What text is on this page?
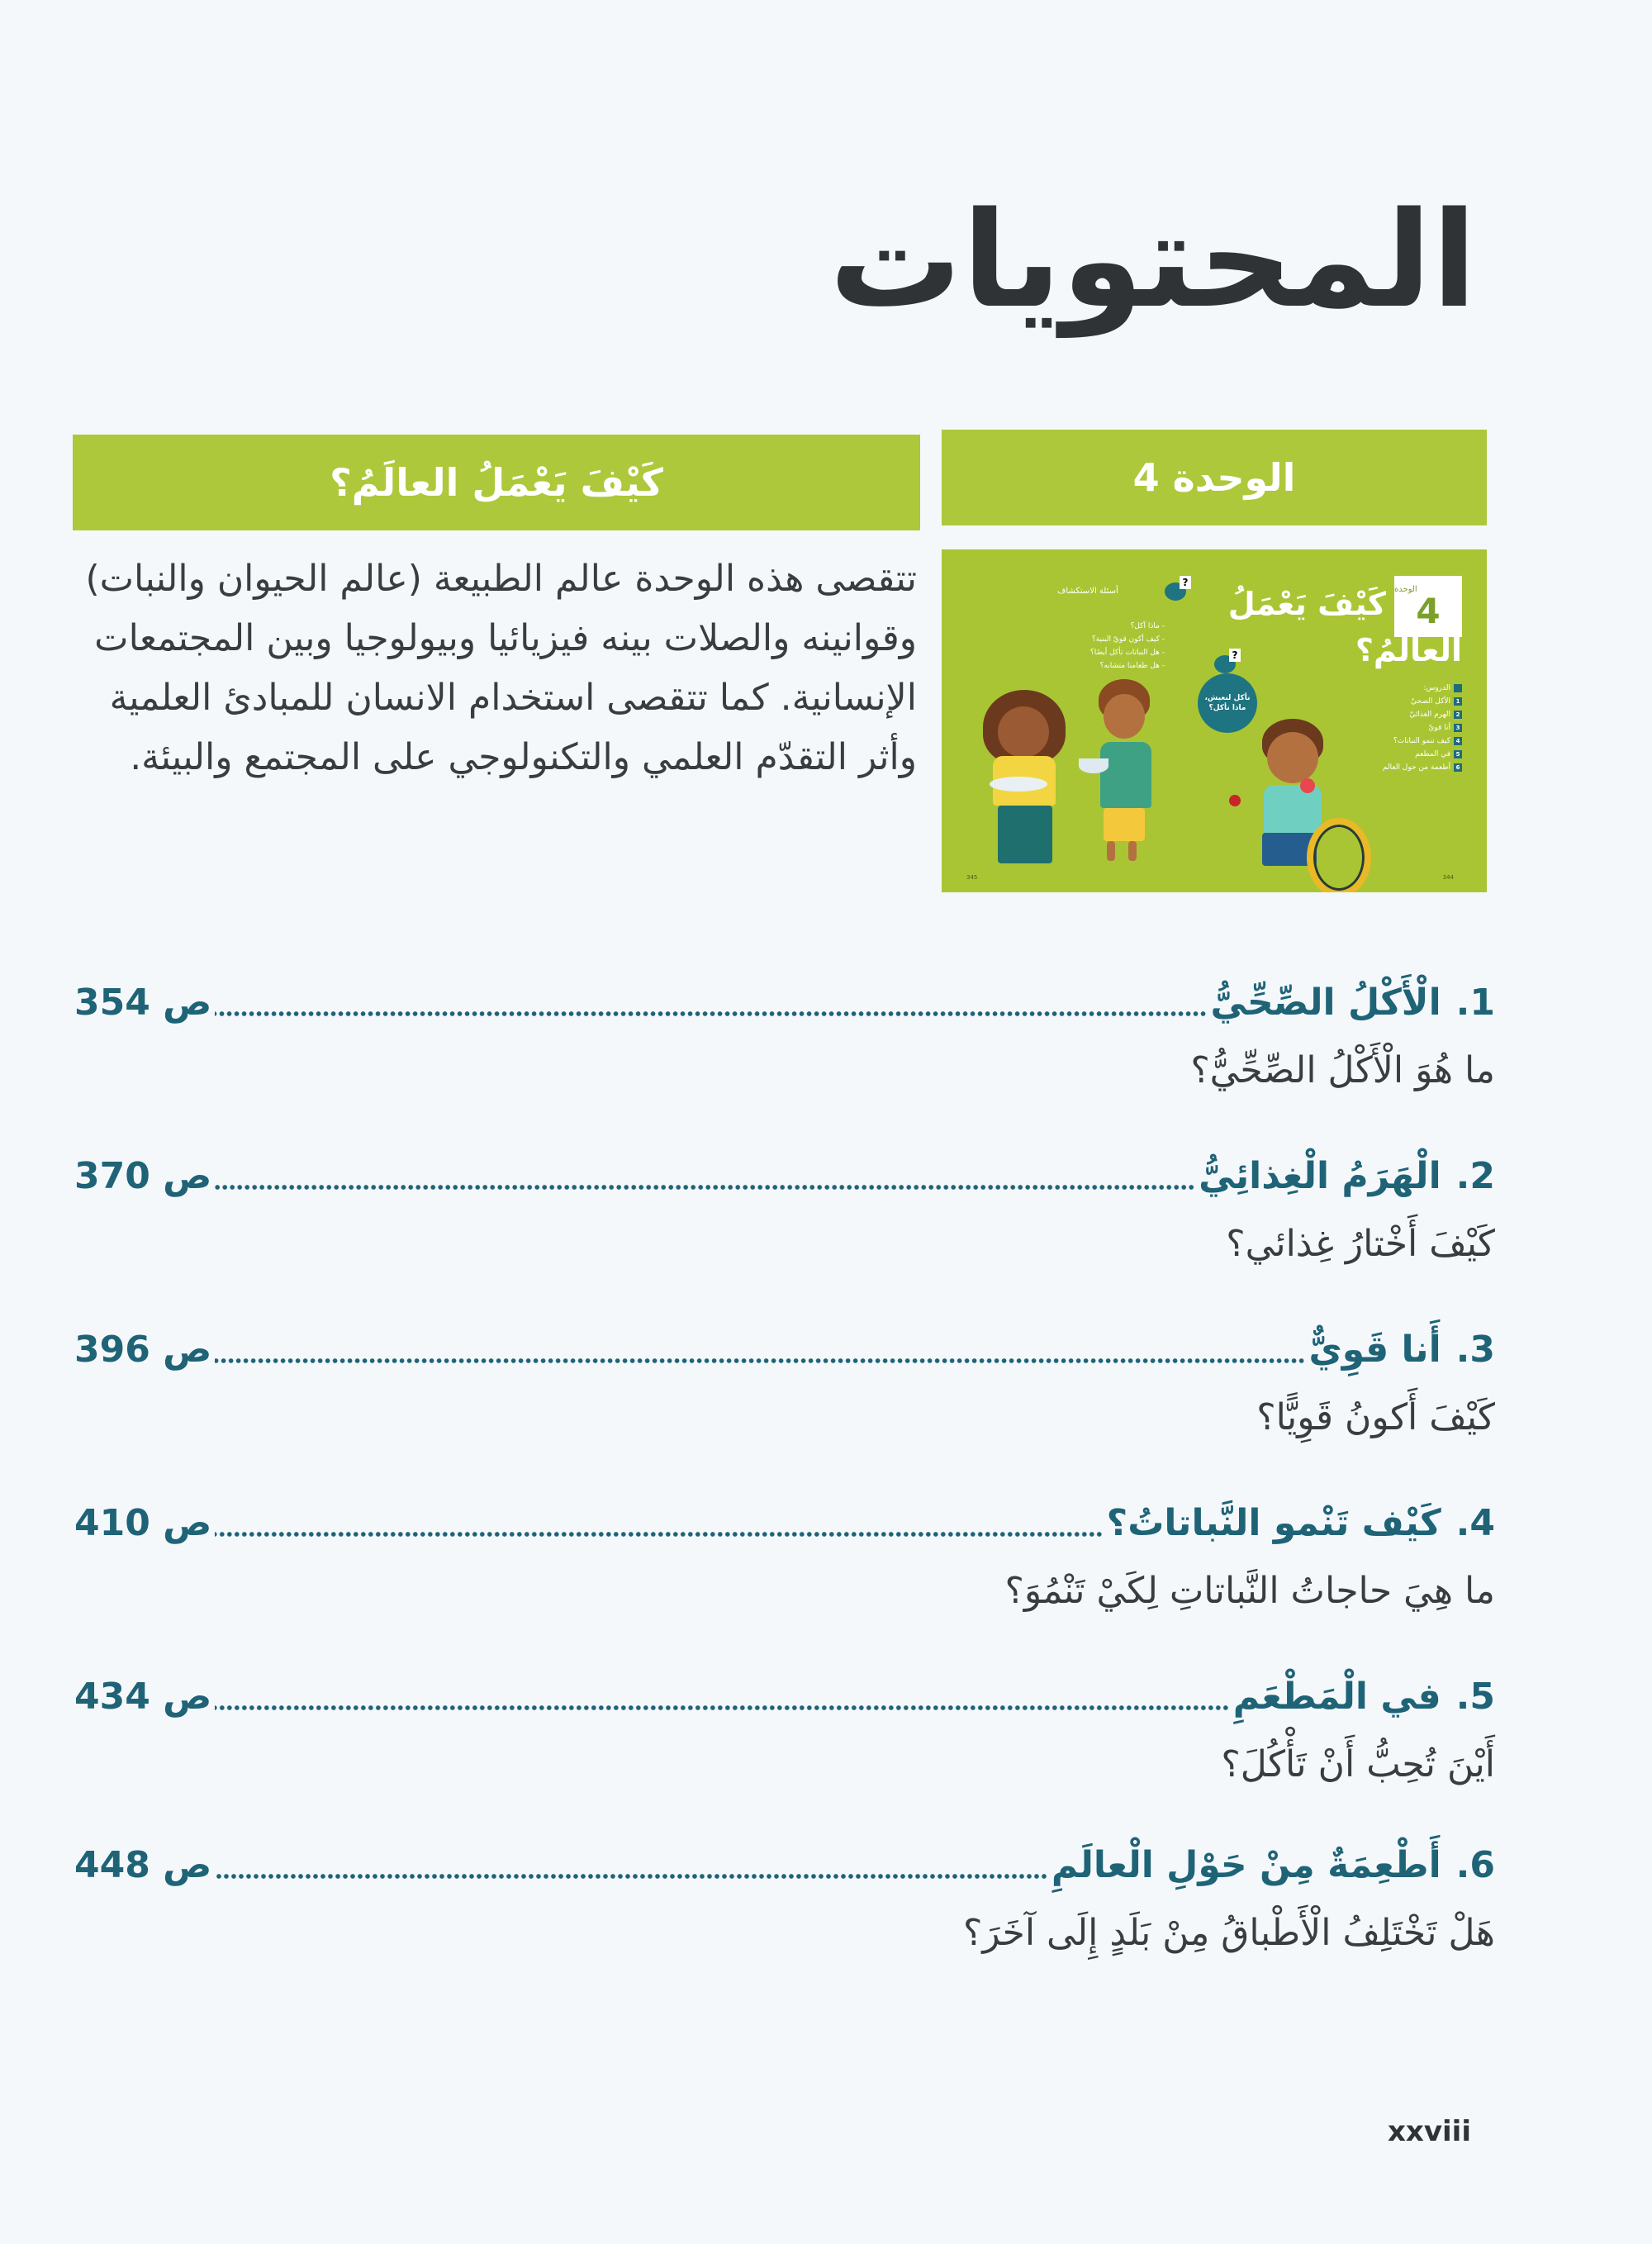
المحتويات
الوحدة 4
كَيْفَ يَعْمَلُ العالَمُ؟
تتقصى هذه الوحدة عالم الطبيعة (عالم الحيوان والنبات) وقوانينه والصلات بينه فيزيائيا وبيولوجيا وبين المجتمعات الإنسانية. كما تتقصى استخدام الانسان للمبادئ العلمية وأثر التقدّم العلمي والتكنولوجي على المجتمع والبيئة.
الوحدة
4
كَيْفَ يَعْمَلُ
الْعالَمُ؟
الدروس:
1
الأكل الصحيّ
2
الهرم الغذائيّ
3
أنا قويّ
4
كيف تنمو النباتات؟
5
في المطعم
6
أطعمة من حول العالم
?
نأكل لنعيش، ماذا نأكل؟
?
أسئلة الاستكشاف
- ماذا آكل؟
- كيف أكون قويّ البنية؟
- هل النباتات تأكل أيضًا؟
- هل طعامنا متشابه؟
345	344
1.
الْأَكْلُ الصِّحِّيُّ
ص 354
ما هُوَ الْأَكْلُ الصِّحِّيُّ؟
2.
الْهَرَمُ الْغِذائِيُّ
ص 370
كَيْفَ أَخْتارُ غِذائي؟
3.
أَنا قَوِيٌّ
ص 396
كَيْفَ أَكونُ قَوِيًّا؟
4.
كَيْف تَنْمو النَّباتاتُ؟
ص 410
ما هِيَ حاجاتُ النَّباتاتِ لِكَيْ تَنْمُوَ؟
5.
في الْمَطْعَمِ
ص 434
أَيْنَ تُحِبُّ أَنْ تَأْكُلَ؟
6.
أَطْعِمَةٌ مِنْ حَوْلِ الْعالَمِ
ص 448
هَلْ تَخْتَلِفُ الْأَطْباقُ مِنْ بَلَدٍ إِلَى آخَرَ؟
xxviii
